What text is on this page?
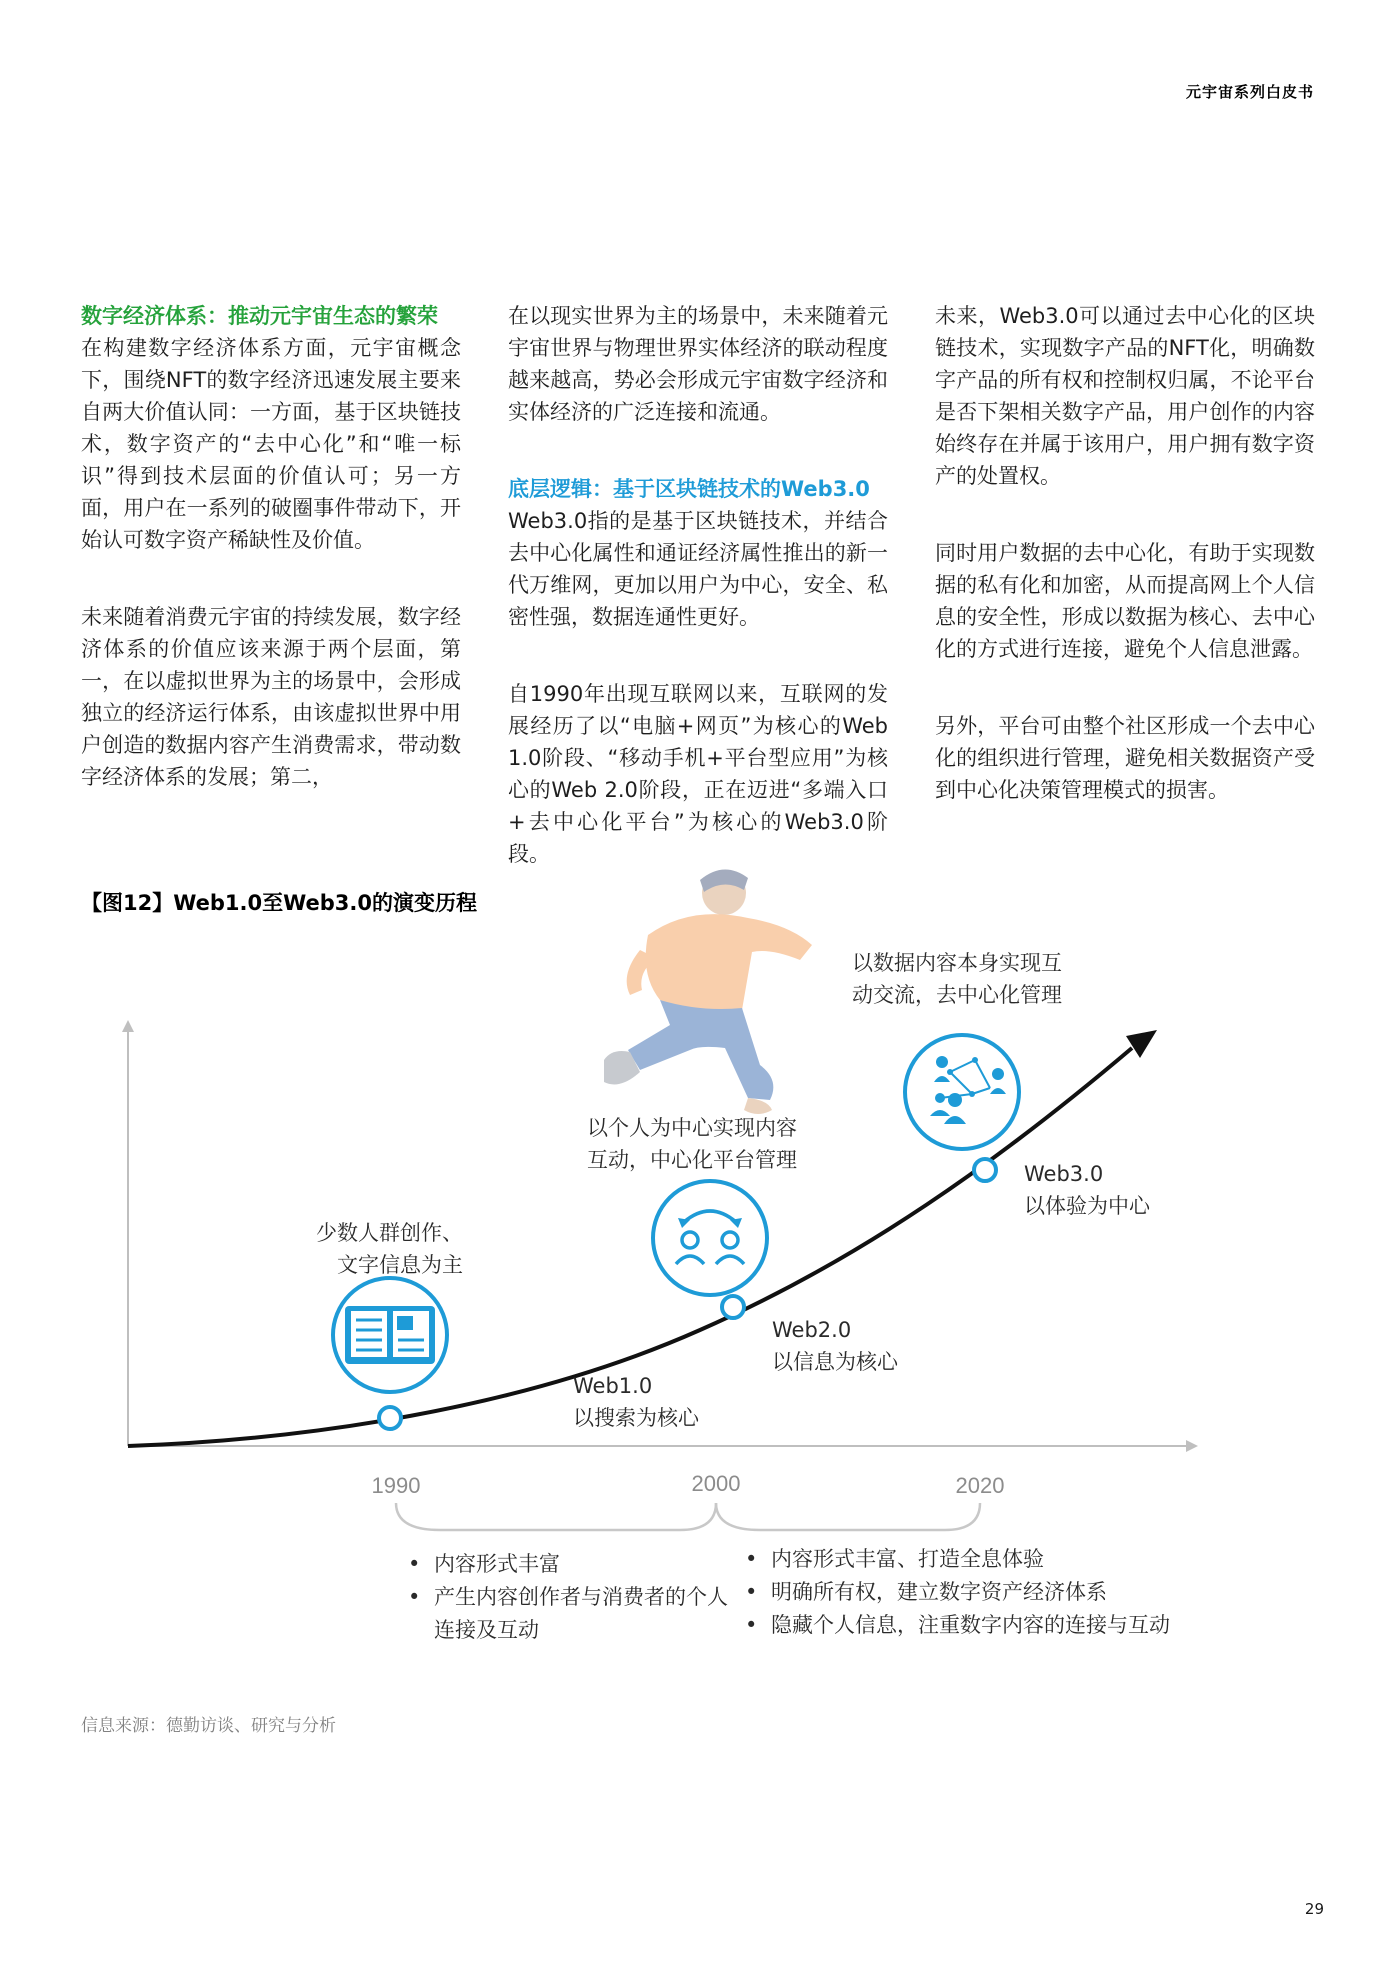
元宇宙系列白皮书
数字经济体系：推动元宇宙生态的繁荣

在构建数字经济体系方面，元宇宙概念下，围绕NFT的数字经济迅速发展主要来自两大价值认同：一方面，基于区块链技术，数字资产的“去中心化”和“唯一标识”得到技术层面的价值认可；另一方面，用户在一系列的破圈事件带动下，开始认可数字资产稀缺性及价值。

未来随着消费元宇宙的持续发展，数字经济体系的价值应该来源于两个层面，第一，在以虚拟世界为主的场景中，会形成独立的经济运行体系，由该虚拟世界中用户创造的数据内容产生消费需求，带动数字经济体系的发展；第二，

在以现实世界为主的场景中，未来随着元宇宙世界与物理世界实体经济的联动程度越来越高，势必会形成元宇宙数字经济和实体经济的广泛连接和流通。

底层逻辑：基于区块链技术的Web3.0

Web3.0指的是基于区块链技术，并结合去中心化属性和通证经济属性推出的新一代万维网，更加以用户为中心，安全、私密性强，数据连通性更好。

自1990年出现互联网以来，互联网的发展经历了以“电脑+网页”为核心的Web 1.0阶段、“移动手机+平台型应用”为核心的Web 2.0阶段，正在迈进“多端入口+去中心化平台”为核心的Web3.0阶段。

未来，Web3.0可以通过去中心化的区块链技术，实现数字产品的NFT化，明确数字产品的所有权和控制权归属，不论平台是否下架相关数字产品，用户创作的内容始终存在并属于该用户，用户拥有数字资产的处置权。

同时用户数据的去中心化，有助于实现数据的私有化和加密，从而提高网上个人信息的安全性，形成以数据为核心、去中心化的方式进行连接，避免个人信息泄露。

另外，平台可由整个社区形成一个去中心化的组织进行管理，避免相关数据资产受到中心化决策管理模式的损害。

【图12】Web1.0至Web3.0的演变历程
少数人群创作、
文字信息为主
以个人为中心实现内容
互动，中心化平台管理
以数据内容本身实现互
动交流，去中心化管理
Web1.0
以搜索为核心
Web2.0
以信息为核心
Web3.0
以体验为中心
1990	2000	2020
• 内容形式丰富
• 产生内容创作者与消费者的个人连接及互动
• 内容形式丰富、打造全息体验
• 明确所有权，建立数字资产经济体系
• 隐藏个人信息，注重数字内容的连接与互动
信息来源：德勤访谈、研究与分析
29
